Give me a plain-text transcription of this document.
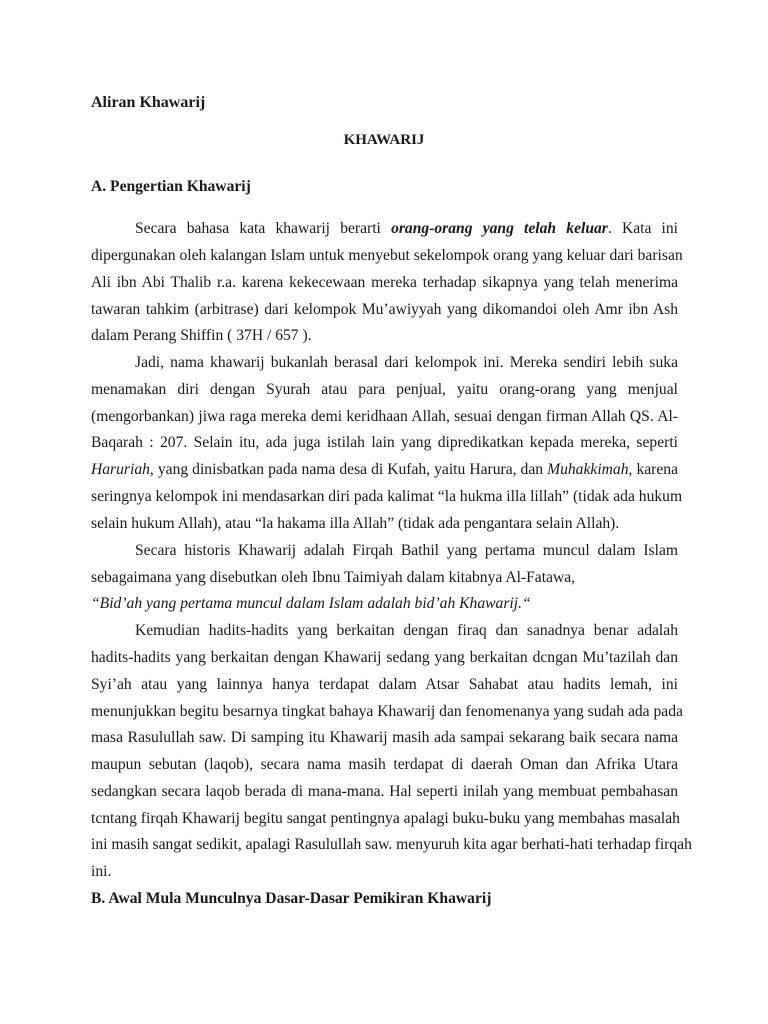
Aliran Khawarij
KHAWARIJ
A. Pengertian Khawarij

Secara bahasa kata khawarij berarti orang-orang yang telah keluar. Kata ini

dipergunakan oleh kalangan Islam untuk menyebut sekelompok orang yang keluar dari barisan

Ali ibn Abi Thalib r.a. karena kekecewaan mereka terhadap sikapnya yang telah menerima

tawaran tahkim (arbitrase) dari kelompok Mu’awiyyah yang dikomandoi oleh Amr ibn Ash

dalam Perang Shiffin ( 37H / 657 ).

Jadi, nama khawarij bukanlah berasal dari kelompok ini. Mereka sendiri lebih suka

menamakan diri dengan Syurah atau para penjual, yaitu orang-orang yang menjual

(mengorbankan) jiwa raga mereka demi keridhaan Allah, sesuai dengan firman Allah QS. Al-

Baqarah : 207. Selain itu, ada juga istilah lain yang dipredikatkan kepada mereka, seperti

Haruriah, yang dinisbatkan pada nama desa di Kufah, yaitu Harura, dan Muhakkimah, karena

seringnya kelompok ini mendasarkan diri pada kalimat “la hukma illa lillah” (tidak ada hukum

selain hukum Allah), atau “la hakama illa Allah” (tidak ada pengantara selain Allah).

Secara historis Khawarij adalah Firqah Bathil yang pertama muncul dalam Islam

sebagaimana yang disebutkan oleh Ibnu Taimiyah dalam kitabnya Al-Fatawa,

“Bid’ah yang pertama muncul dalam Islam adalah bid’ah Khawarij.“

Kemudian hadits-hadits yang berkaitan dengan firaq dan sanadnya benar adalah

hadits-hadits yang berkaitan dengan Khawarij sedang yang berkaitan dcngan Mu’tazilah dan

Syi’ah atau yang lainnya hanya terdapat dalam Atsar Sahabat atau hadits lemah, ini

menunjukkan begitu besarnya tingkat bahaya Khawarij dan fenomenanya yang sudah ada pada

masa Rasulullah saw. Di samping itu Khawarij masih ada sampai sekarang baik secara nama

maupun sebutan (laqob), secara nama masih terdapat di daerah Oman dan Afrika Utara

sedangkan secara laqob berada di mana-mana. Hal seperti inilah yang membuat pembahasan

tcntang firqah Khawarij begitu sangat pentingnya apalagi buku-buku yang membahas masalah

ini masih sangat sedikit, apalagi Rasulullah saw. menyuruh kita agar berhati-hati terhadap firqah

ini.

B. Awal Mula Munculnya Dasar-Dasar Pemikiran Khawarij
